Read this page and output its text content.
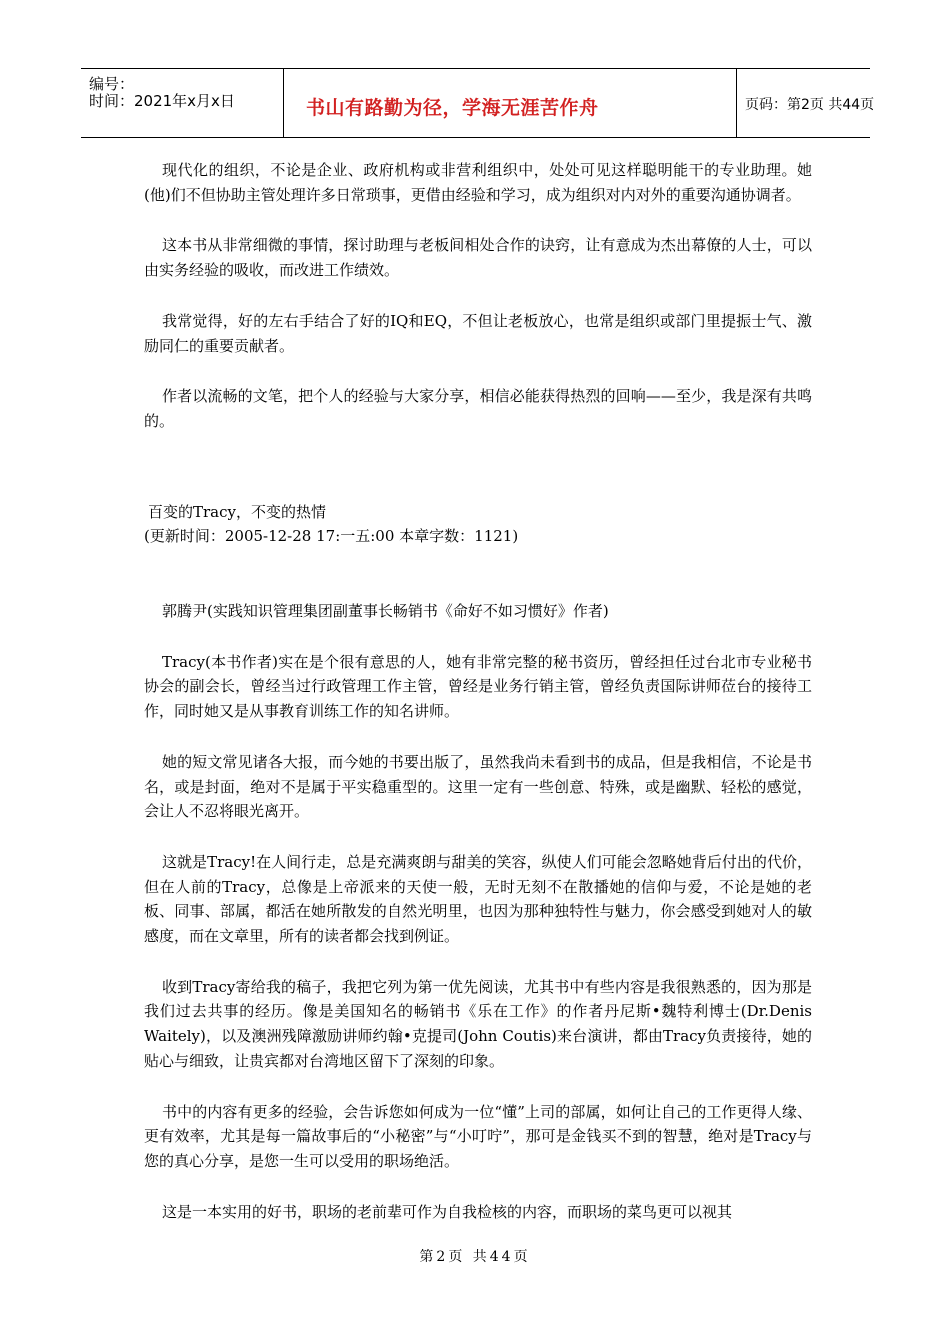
编号：
时间：2021年x月x日	书山有路勤为径，学海无涯苦作舟	页码：第2页 共44页

现代化的组织，不论是企业、政府机构或非营利组织中，处处可见这样聪明能干的专业助理。她(他)们不但协助主管处理许多日常琐事，更借由经验和学习，成为组织对内对外的重要沟通协调者。

这本书从非常细微的事情，探讨助理与老板间相处合作的诀窍，让有意成为杰出幕僚的人士，可以由实务经验的吸收，而改进工作绩效。

我常觉得，好的左右手结合了好的IQ和EQ，不但让老板放心，也常是组织或部门里提振士气、激励同仁的重要贡献者。

作者以流畅的文笔，把个人的经验与大家分享，相信必能获得热烈的回响——至少，我是深有共鸣的。

百变的Tracy，不变的热情

(更新时间：2005-12-28 17:一五:00 本章字数：1121)

郭腾尹(实践知识管理集团副董事长畅销书《命好不如习惯好》作者)

Tracy(本书作者)实在是个很有意思的人，她有非常完整的秘书资历，曾经担任过台北市专业秘书协会的副会长，曾经当过行政管理工作主管，曾经是业务行销主管，曾经负责国际讲师莅台的接待工作，同时她又是从事教育训练工作的知名讲师。

她的短文常见诸各大报，而今她的书要出版了，虽然我尚未看到书的成品，但是我相信，不论是书名，或是封面，绝对不是属于平实稳重型的。这里一定有一些创意、特殊，或是幽默、轻松的感觉，会让人不忍将眼光离开。

这就是Tracy!在人间行走，总是充满爽朗与甜美的笑容，纵使人们可能会忽略她背后付出的代价，但在人前的Tracy，总像是上帝派来的天使一般，无时无刻不在散播她的信仰与爱，不论是她的老板、同事、部属，都活在她所散发的自然光明里，也因为那种独特性与魅力，你会感受到她对人的敏感度，而在文章里，所有的读者都会找到例证。

收到Tracy寄给我的稿子，我把它列为第一优先阅读，尤其书中有些内容是我很熟悉的，因为那是我们过去共事的经历。像是美国知名的畅销书《乐在工作》的作者丹尼斯•魏特利博士(Dr.Denis Waitely)，以及澳洲残障激励讲师约翰•克提司(John Coutis)来台演讲，都由Tracy负责接待，她的贴心与细致，让贵宾都对台湾地区留下了深刻的印象。

书中的内容有更多的经验，会告诉您如何成为一位“懂”上司的部属，如何让自己的工作更得人缘、更有效率，尤其是每一篇故事后的“小秘密”与“小叮咛”，那可是金钱买不到的智慧，绝对是Tracy与您的真心分享，是您一生可以受用的职场绝活。

这是一本实用的好书，职场的老前辈可作为自我检核的内容，而职场的菜鸟更可以视其

第2页 共44页
